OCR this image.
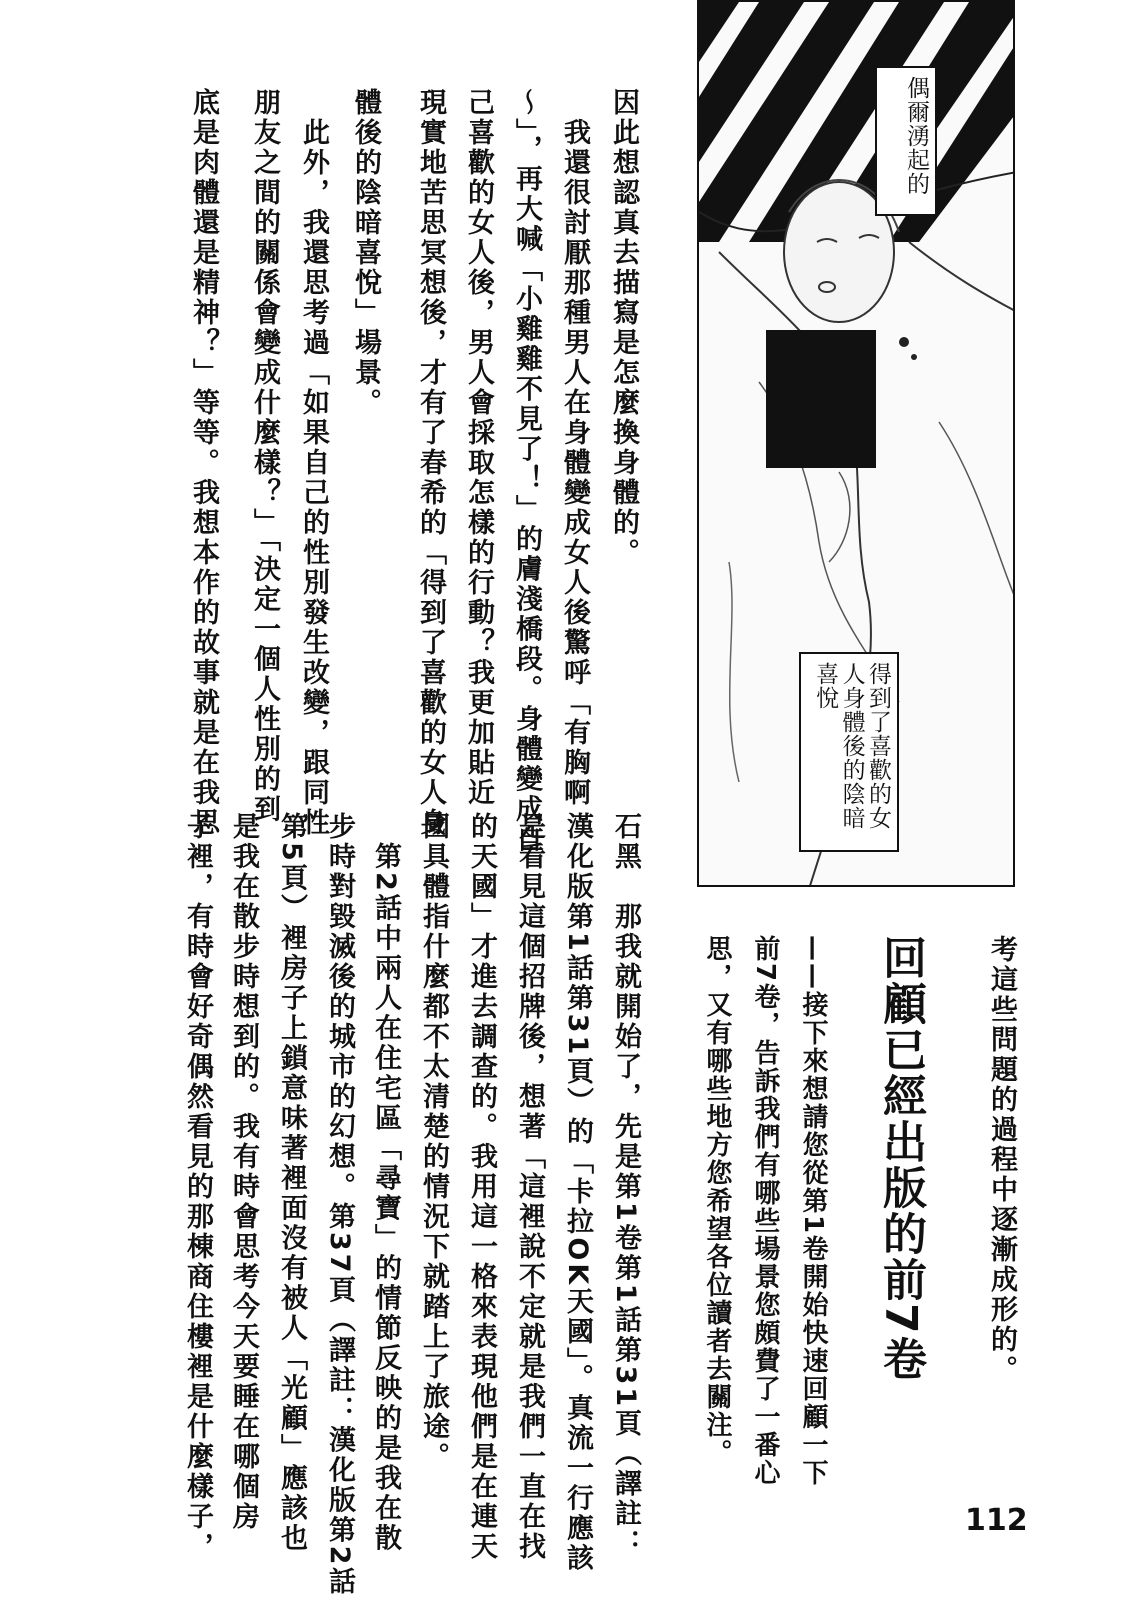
偶爾湧起的
得到了喜歡的女人身體後的陰暗喜悅
因此想認真去描寫是怎麼換身體的。
　我還很討厭那種男人在身體變成女人後驚呼「有胸啊
～」，再大喊「小雞雞不見了！」的膚淺橋段。身體變成自
己喜歡的女人後，男人會採取怎樣的行動？我更加貼近
現實地苦思冥想後，才有了春希的「得到了喜歡的女人身
體後的陰暗喜悅」場景。
　此外，我還思考過「如果自己的性別發生改變，跟同性
朋友之間的關係會變成什麼樣？」「決定一個人性別的到
底是肉體還是精神？」等等。我想本作的故事就是在我思
考這些問題的過程中逐漸成形的。
回顧已經出版的前7卷
——接下來想請您從第1卷開始快速回顧一下
前7卷，告訴我們有哪些場景您頗費了一番心
思，又有哪些地方您希望各位讀者去關注。
石黑　那我就開始了，先是第1卷第1話第31頁（譯註：
漢化版第1話第31頁）的「卡拉OK天國」。真流一行應該
是看見這個招牌後，想著「這裡說不定就是我們一直在找
的天國」才進去調查的。我用這一格來表現他們是在連天
國具體指什麼都不太清楚的情況下就踏上了旅途。
　第2話中兩人在住宅區「尋寶」的情節反映的是我在散
步時對毀滅後的城市的幻想。第37頁（譯註：漢化版第2話
第5頁）裡房子上鎖意味著裡面沒有被人「光顧」應該也
是我在散步時想到的。我有時會思考今天要睡在哪個房
子裡，有時會好奇偶然看見的那棟商住樓裡是什麼樣子，	112
